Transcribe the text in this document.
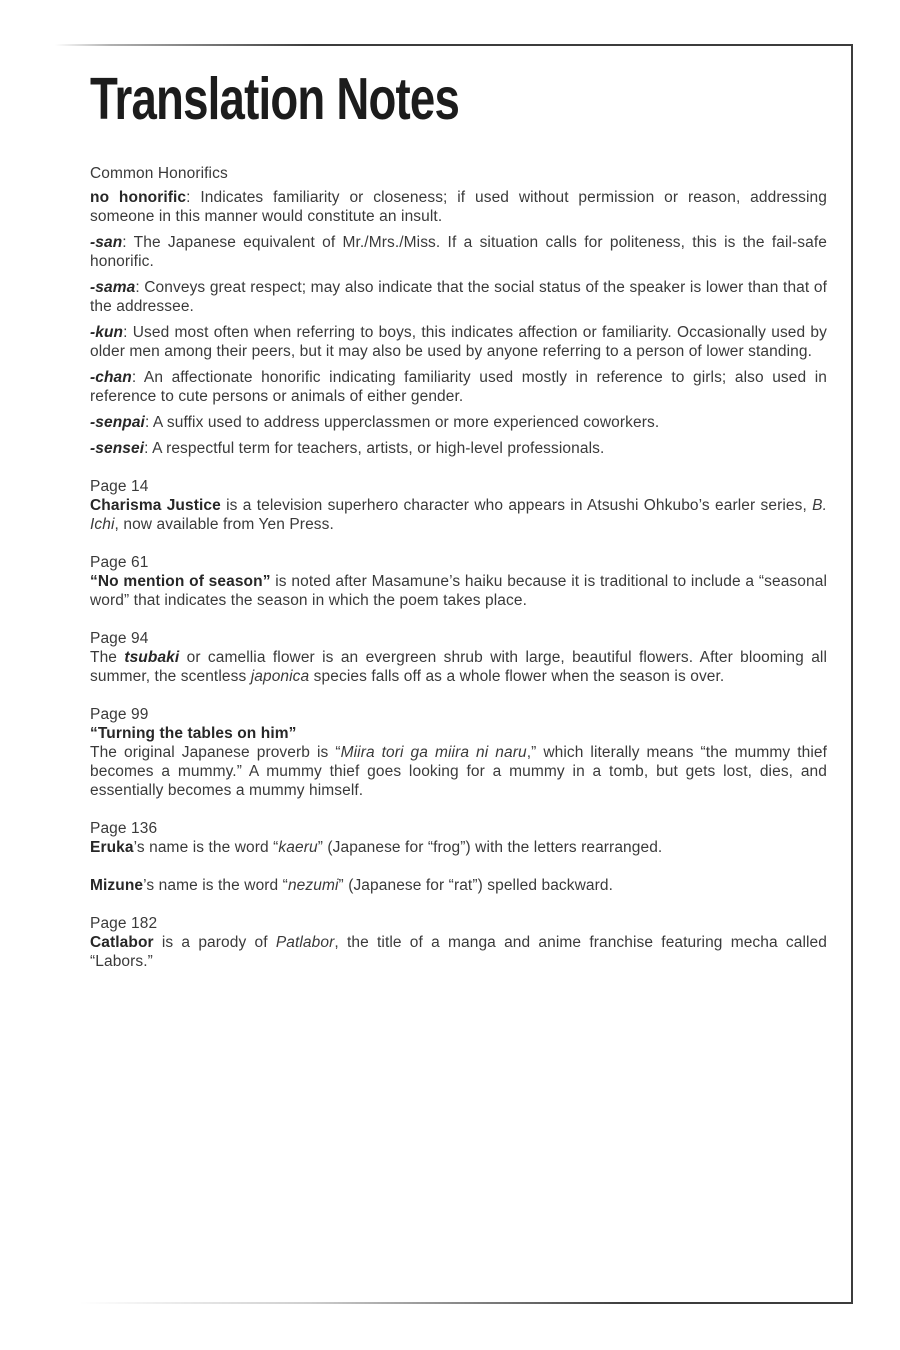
Translation Notes
Common Honorifics

no honorific: Indicates familiarity or closeness; if used without permission or reason, addressing someone in this manner would constitute an insult.

-san: The Japanese equivalent of Mr./Mrs./Miss. If a situation calls for politeness, this is the fail-safe honorific.

-sama: Conveys great respect; may also indicate that the social status of the speaker is lower than that of the addressee.

-kun: Used most often when referring to boys, this indicates affection or familiarity. Occasionally used by older men among their peers, but it may also be used by anyone referring to a person of lower standing.

-chan: An affectionate honorific indicating familiarity used mostly in reference to girls; also used in reference to cute persons or animals of either gender.

-senpai: A suffix used to address upperclassmen or more experienced coworkers.

-sensei: A respectful term for teachers, artists, or high-level professionals.

Page 14

Charisma Justice is a television superhero character who appears in Atsushi Ohkubo’s earler series, B. Ichi, now available from Yen Press.

Page 61

“No mention of season” is noted after Masamune’s haiku because it is traditional to include a “seasonal word” that indicates the season in which the poem takes place.

Page 94

The tsubaki or camellia flower is an evergreen shrub with large, beautiful flowers. After blooming all summer, the scentless japonica species falls off as a whole flower when the season is over.

Page 99

“Turning the tables on him”

The original Japanese proverb is “Miira tori ga miira ni naru,” which literally means “the mummy thief becomes a mummy.” A mummy thief goes looking for a mummy in a tomb, but gets lost, dies, and essentially becomes a mummy himself.

Page 136

Eruka’s name is the word “kaeru” (Japanese for “frog”) with the letters rearranged.

Mizune’s name is the word “nezumi” (Japanese for “rat”) spelled backward.

Page 182

Catlabor is a parody of Patlabor, the title of a manga and anime franchise featuring mecha called “Labors.”
